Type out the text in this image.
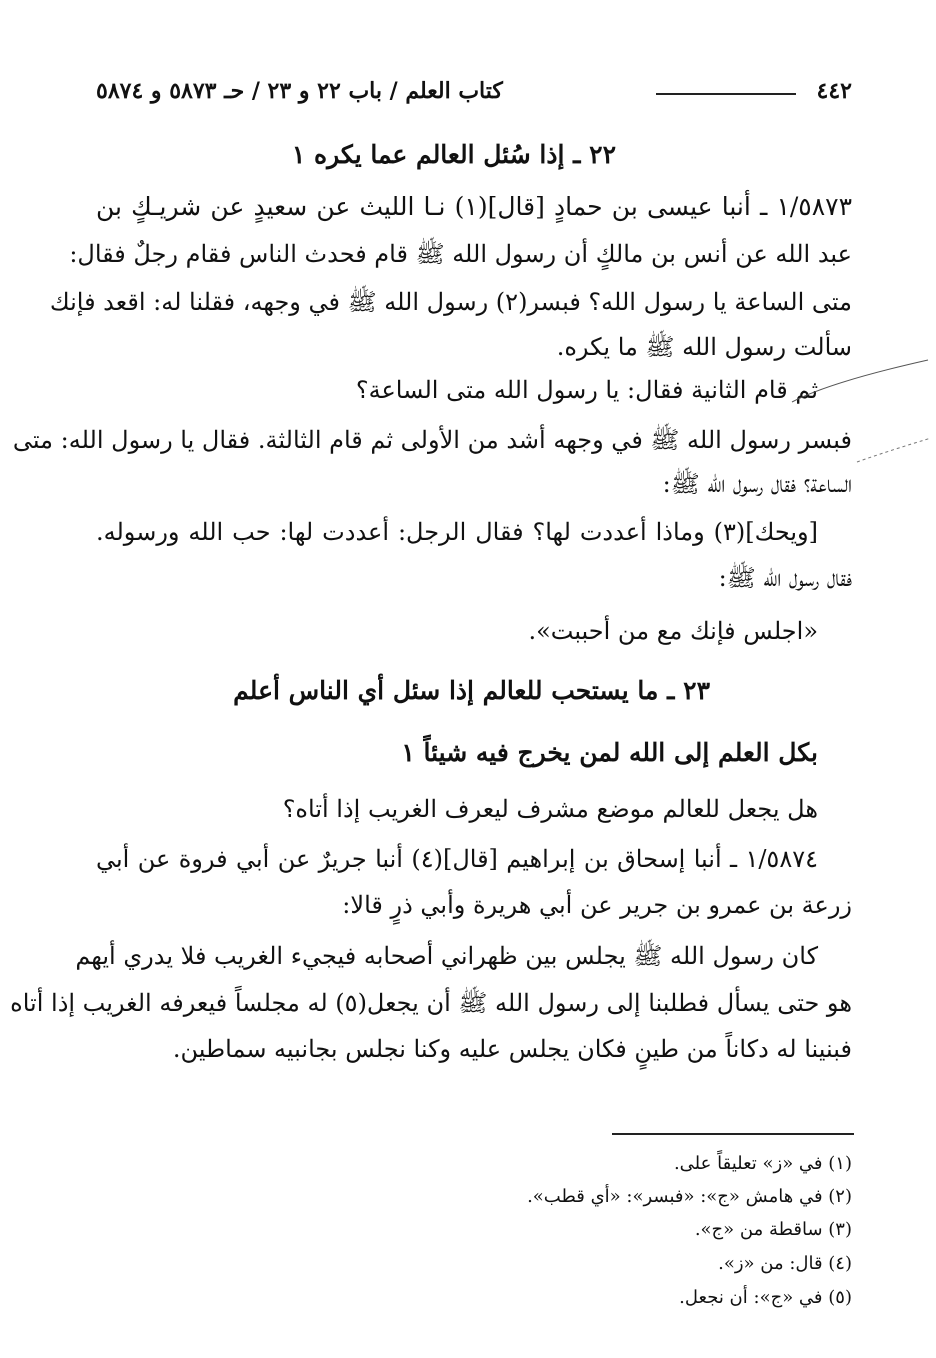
٤٤٢
كتاب العلم / باب ٢٢ و ٢٣ / حـ ٥٨٧٣ و ٥٨٧٤
٢٢ ـ إذا سُئل العالم عما يكره ١
١/٥٨٧٣ ـ أنبا عيسى بن حمادٍ [قال](١) نـا الليث عن سعيدٍ عن شريـكٍ بن
عبد الله عن أنس بن مالكٍ أن رسول الله ﷺ قام فحدث الناس فقام رجلٌ فقال:
متى الساعة يا رسول الله؟ فبسر(٢) رسول الله ﷺ في وجهه، فقلنا له: اقعد فإنك
سألت رسول الله ﷺ ما يكره.
ثم قام الثانية فقال: يا رسول الله متى الساعة؟
فبسر رسول الله ﷺ في وجهه أشد من الأولى ثم قام الثالثة. فقال يا رسول الله: متى
الساعة؟ فقال رسول الله ﷺ:
[ويحك](٣) وماذا أعددت لها؟ فقال الرجل: أعددت لها: حب الله ورسوله.
فقال رسول الله ﷺ:
«اجلس فإنك مع من أحببت».
٢٣ ـ ما يستحب للعالم إذا سئل أي الناس أعلم
بكل العلم إلى الله لمن يخرج فيه شيئاً ١
هل يجعل للعالم موضع مشرف ليعرف الغريب إذا أتاه؟
١/٥٨٧٤ ـ أنبا إسحاق بن إبراهيم [قال](٤) أنبا جريرٌ عن أبي فروة عن أبي
زرعة بن عمرو بن جرير عن أبي هريرة وأبي ذرٍ قالا:
كان رسول الله ﷺ يجلس بين ظهراني أصحابه فيجيء الغريب فلا يدري أيهم
هو حتى يسأل فطلبنا إلى رسول الله ﷺ أن يجعل(٥) له مجلساً فيعرفه الغريب إذا أتاه
فبنينا له دكاناً من طينٍ فكان يجلس عليه وكنا نجلس بجانبيه سماطين.
(١) في «ز» تعليقاً على.
(٢) في هامش «ج»: «فبسر»: «أي قطب».
(٣) ساقطة من «ج».
(٤) قال: من «ز».
(٥) في «ج»: أن نجعل.
